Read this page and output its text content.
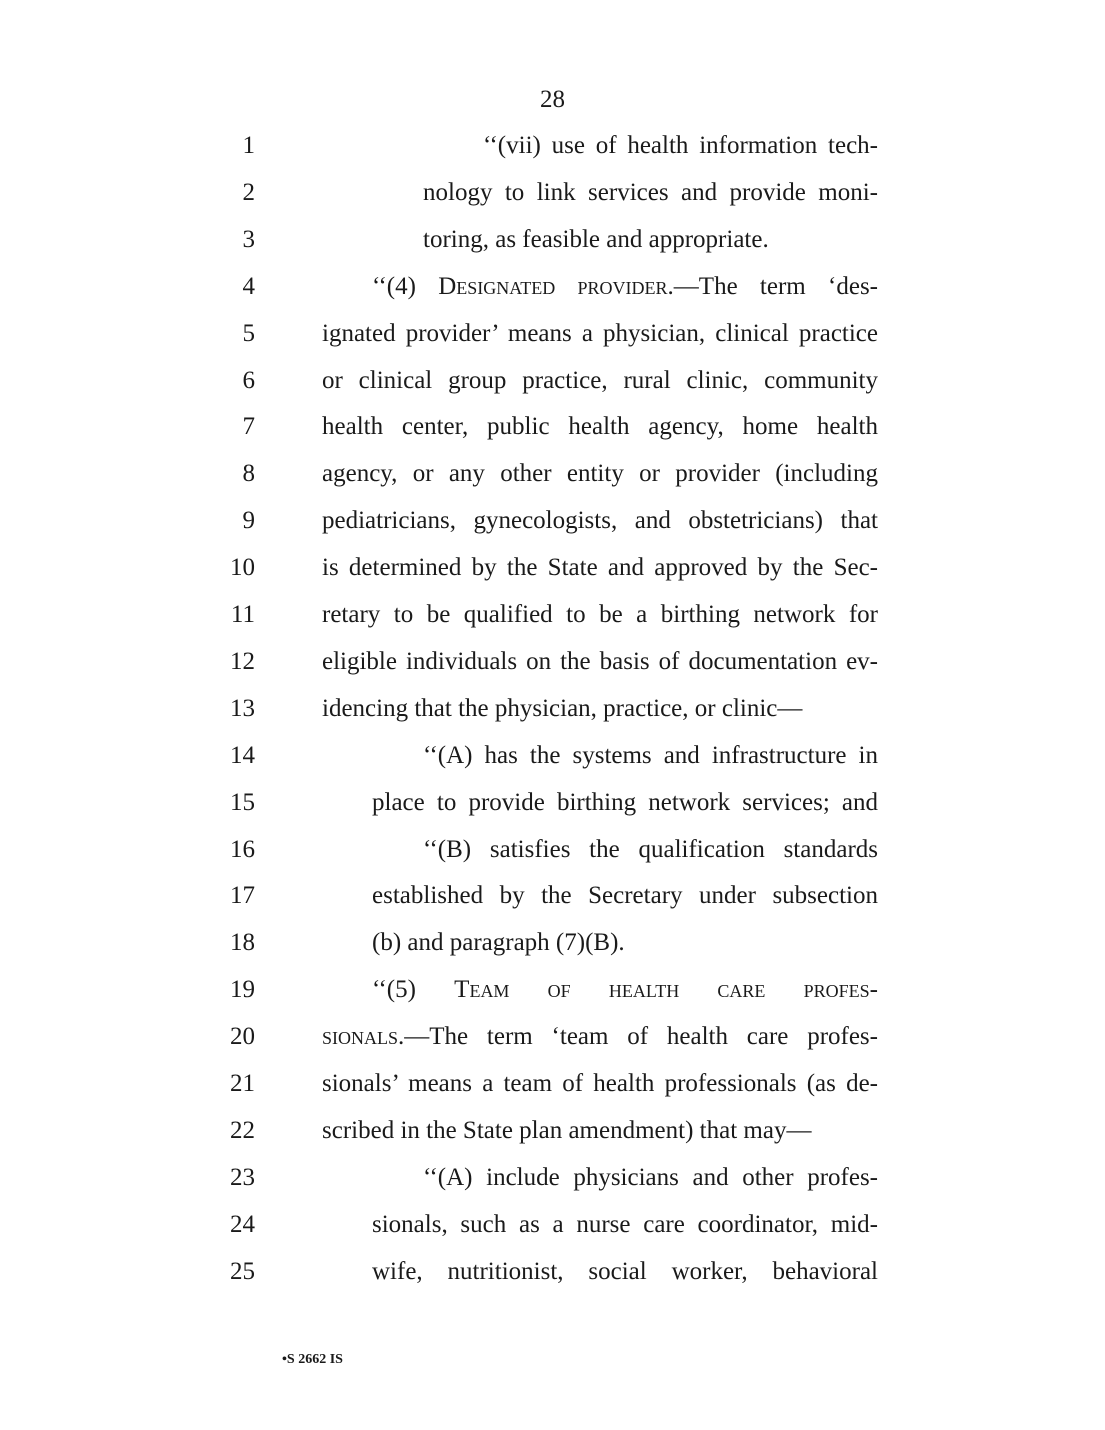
28
1	‘‘(vii) use of health information tech-
2	nology to link services and provide moni-
3	toring, as feasible and appropriate.
4	‘‘(4) Designated provider.—The term ‘des-
5	ignated provider’ means a physician, clinical practice
6	or clinical group practice, rural clinic, community
7	health center, public health agency, home health
8	agency, or any other entity or provider (including
9	pediatricians, gynecologists, and obstetricians) that
10	is determined by the State and approved by the Sec-
11	retary to be qualified to be a birthing network for
12	eligible individuals on the basis of documentation ev-
13	idencing that the physician, practice, or clinic—
14	‘‘(A) has the systems and infrastructure in
15	place to provide birthing network services; and
16	‘‘(B) satisfies the qualification standards
17	established by the Secretary under subsection
18	(b) and paragraph (7)(B).
19	‘‘(5) Team of health care profes-
20	sionals.—The term ‘team of health care profes-
21	sionals’ means a team of health professionals (as de-
22	scribed in the State plan amendment) that may—
23	‘‘(A) include physicians and other profes-
24	sionals, such as a nurse care coordinator, mid-
25	wife, nutritionist, social worker, behavioral
•S 2662 IS
